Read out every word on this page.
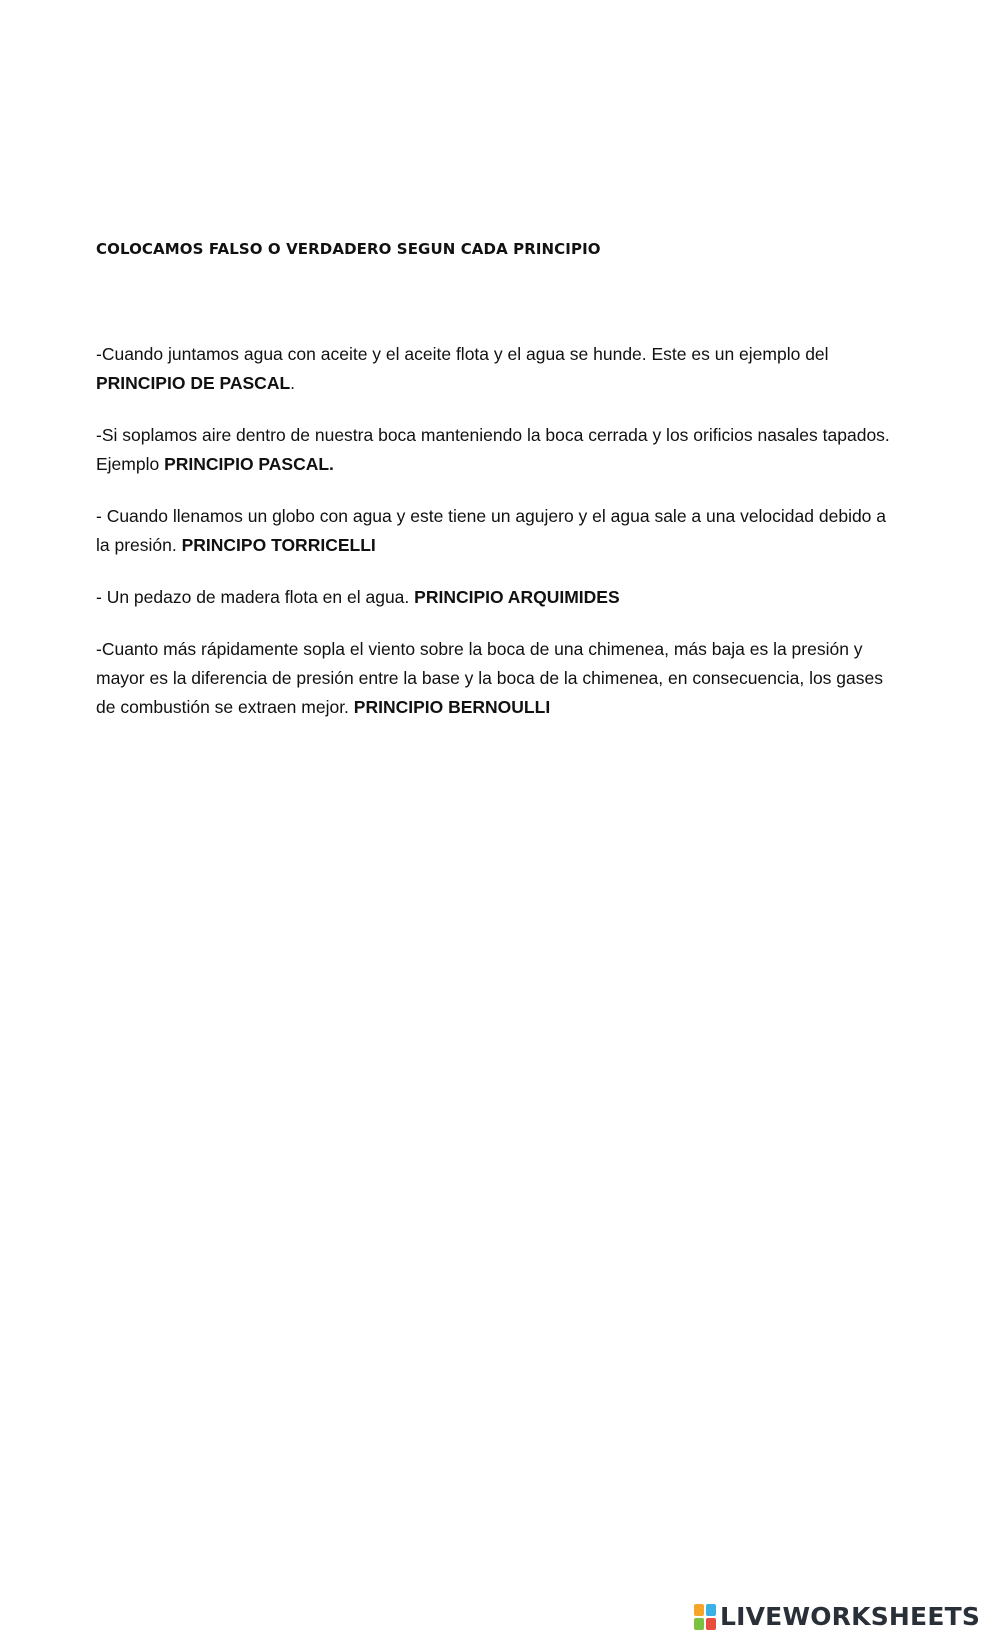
COLOCAMOS FALSO O VERDADERO SEGUN CADA PRINCIPIO

-Cuando juntamos agua con aceite y el aceite flota y el agua se hunde. Este es un ejemplo del PRINCIPIO DE PASCAL.

-Si soplamos aire dentro de nuestra boca manteniendo la boca cerrada y los orificios nasales tapados. Ejemplo PRINCIPIO PASCAL.

- Cuando llenamos un globo con agua y este tiene un agujero y el agua sale a una velocidad debido a la presión. PRINCIPO TORRICELLI

- Un pedazo de madera flota en el agua. PRINCIPIO ARQUIMIDES

-Cuanto más rápidamente sopla el viento sobre la boca de una chimenea, más baja es la presión y mayor es la diferencia de presión entre la base y la boca de la chimenea, en consecuencia, los gases de combustión se extraen mejor. PRINCIPIO BERNOULLI

LIVEWORKSHEETS
